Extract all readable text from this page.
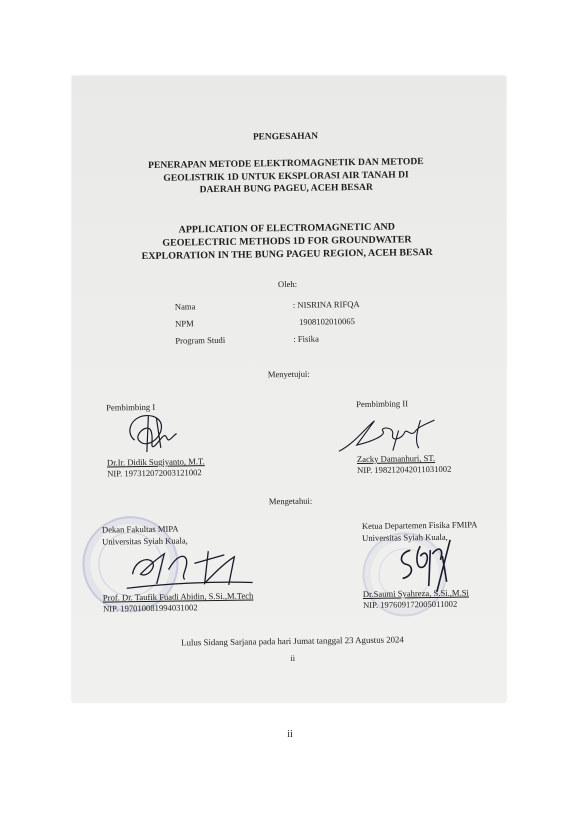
PENGESAHAN
PENERAPAN METODE ELEKTROMAGNETIK DAN METODE
GEOLISTRIK 1D UNTUK EKSPLORASI AIR TANAH DI
DAERAH BUNG PAGEU, ACEH BESAR
APPLICATION OF ELECTROMAGNETIC AND
GEOELECTRIC METHODS 1D FOR GROUNDWATER
EXPLORATION IN THE BUNG PAGEU REGION, ACEH BESAR
Oleh:
Nama	: NISRINA RIFQA
NPM	1908102010065
Program Studi	: Fisika
Menyetujui:
Pembimbing I
Dr.Ir. Didik Sugiyanto, M.T.
NIP. 197312072003121002
Pembimbing II
Zacky Damanhuri, ST.
NIP. 198212042011031002
Mengetahui:
Dekan Fakultas MIPA
Universitas Syiah Kuala,
Prof. Dr. Taufik Fuadi Abidin, S.Si.,M.Tech
NIP. 197010081994031002
Ketua Departemen Fisika FMIPA
Universitas Syiah Kuala,
Dr.Saumi Syahreza, S.Si.,M.Si
NIP. 197609172005011002
Lulus Sidang Sarjana pada hari Jumat tanggal 23 Agustus 2024
ii
ii
